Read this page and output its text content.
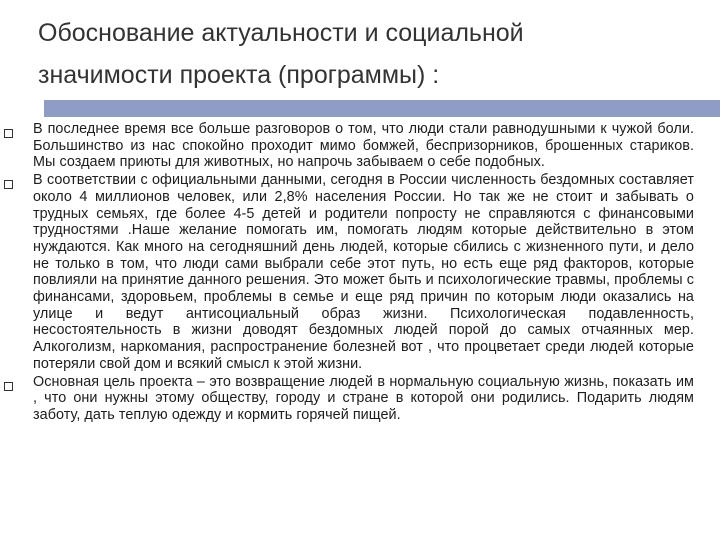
Обоснование актуальности и социальной
значимости проекта (программы) :
В последнее время все больше разговоров о том, что люди стали равнодушными к чужой боли. Большинство из нас спокойно проходит мимо бомжей, беспризорников, брошенных стариков. Мы создаем приюты для животных, но напрочь забываем о себе подобных.
В соответствии с официальными данными, сегодня в России численность бездомных составляет около 4 миллионов человек, или 2,8% населения России. Но так же не стоит и забывать о трудных семьях, где более 4-5 детей и родители попросту не справляются с финансовыми трудностями .Наше желание помогать им, помогать людям которые действительно в этом нуждаются. Как много на сегодняшний день людей, которые сбились с жизненного пути, и дело не только в том, что люди сами выбрали себе этот путь, но есть еще ряд факторов, которые повлияли на принятие данного решения. Это может быть и психологические травмы, проблемы с финансами, здоровьем, проблемы в семье и еще ряд причин по которым люди оказались на улице и ведут антисоциальный образ жизни. Психологическая подавленность, несостоятельность в жизни доводят бездомных людей порой до самых отчаянных мер. Алкоголизм, наркомания, распространение болезней вот , что процветает среди людей которые потеряли свой дом и всякий смысл к этой жизни.
Основная цель проекта – это возвращение людей в нормальную социальную жизнь, показать им , что они нужны этому обществу, городу и стране в которой они родились. Подарить людям заботу, дать теплую одежду и кормить горячей пищей.
